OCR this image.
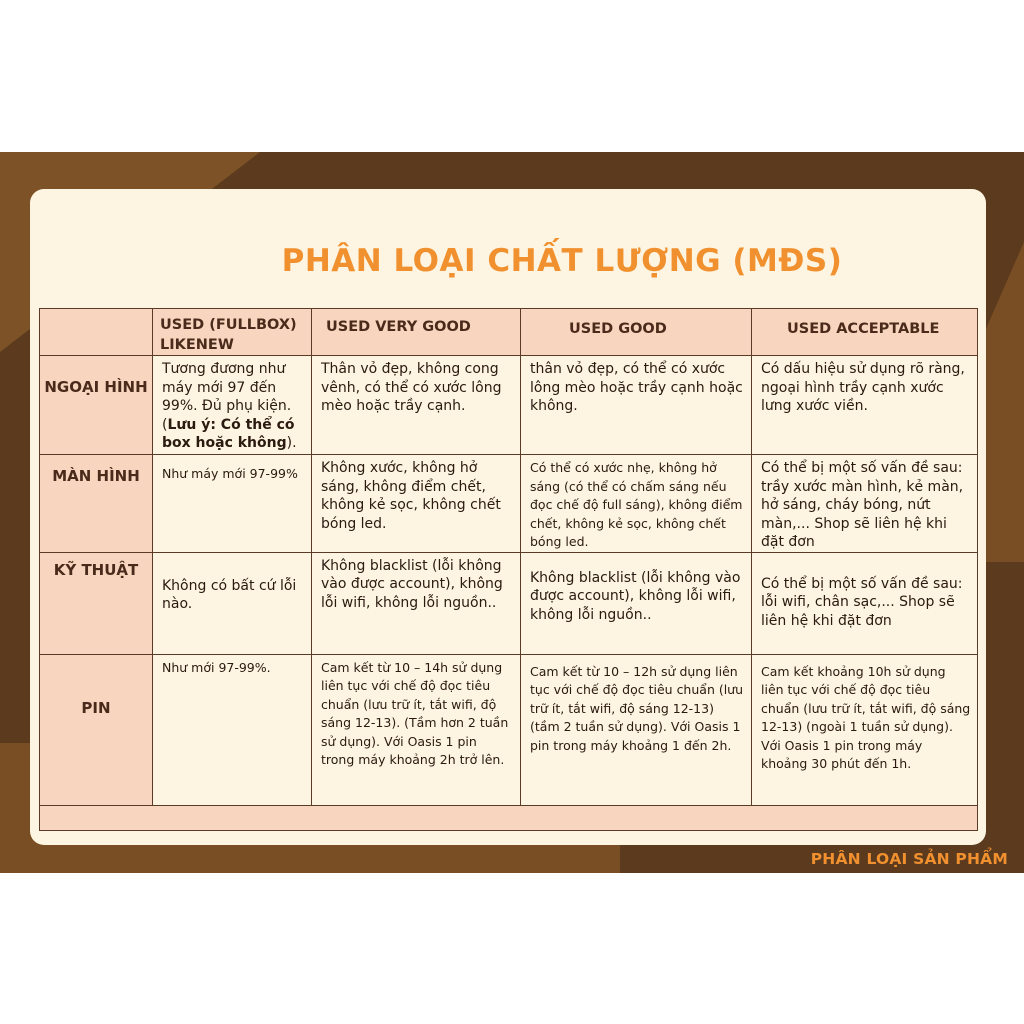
PHÂN LOẠI CHẤT LƯỢNG (MĐS)

	USED (FULLBOX) LIKENEW	USED VERY GOOD	USED GOOD	USED ACCEPTABLE

NGOẠI HÌNH	Tương đương như máy mới 97 đến 99%. Đủ phụ kiện. (Lưu ý: Có thể có box hoặc không).	Thân vỏ đẹp, không cong vênh, có thể có xước lông mèo hoặc trầy cạnh.	thân vỏ đẹp, có thể có xước lông mèo hoặc trầy cạnh hoặc không.	Có dấu hiệu sử dụng rõ ràng, ngoại hình trầy cạnh xước lưng xước viền.

MÀN HÌNH	Như máy mới 97-99%	Không xước, không hở sáng, không điểm chết, không kẻ sọc, không chết bóng led.	Có thể có xước nhẹ, không hở sáng (có thể có chấm sáng nếu đọc chế độ full sáng), không điểm chết, không kẻ sọc, không chết bóng led.	Có thể bị một số vấn đề sau: trầy xước màn hình, kẻ màn, hở sáng, cháy bóng, nứt màn,... Shop sẽ liên hệ khi đặt đơn

KỸ THUẬT	Không có bất cứ lỗi nào.	Không blacklist (lỗi không vào được account), không lỗi wifi, không lỗi nguồn..	Không blacklist (lỗi không vào được account), không lỗi wifi, không lỗi nguồn..	Có thể bị một số vấn đề sau: lỗi wifi, chân sạc,... Shop sẽ liên hệ khi đặt đơn

PIN	Như mới 97-99%.	Cam kết từ 10 – 14h sử dụng liên tục với chế độ đọc tiêu chuẩn (lưu trữ ít, tắt wifi, độ sáng 12-13). (Tầm hơn 2 tuần sử dụng). Với Oasis 1 pin trong máy khoảng 2h trở lên.	Cam kết từ 10 – 12h sử dụng liên tục với chế độ đọc tiêu chuẩn (lưu trữ ít, tắt wifi, độ sáng 12-13) (tầm 2 tuần sử dụng). Với Oasis 1 pin trong máy khoảng 1 đến 2h.	Cam kết khoảng 10h sử dụng liên tục với chế độ đọc tiêu chuẩn (lưu trữ ít, tắt wifi, độ sáng 12-13) (ngoài 1 tuần sử dụng). Với Oasis 1 pin trong máy khoảng 30 phút đến 1h.

PHÂN LOẠI SẢN PHẨM
